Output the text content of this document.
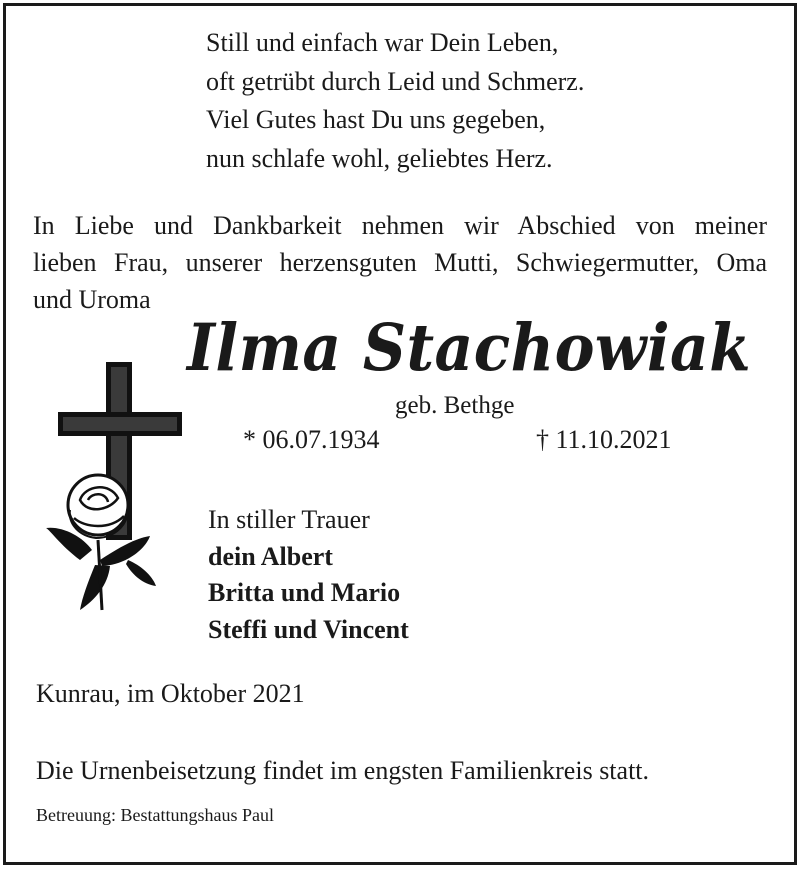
Still und einfach war Dein Leben,
oft getrübt durch Leid und Schmerz.
Viel Gutes hast Du uns gegeben,
nun schlafe wohl, geliebtes Herz.
In Liebe und Dankbarkeit nehmen wir Abschied von meiner
lieben Frau, unserer herzensguten Mutti, Schwiegermutter, Oma
und Uroma
Ilma Stachowiak
geb. Bethge
* 06.07.1934	† 11.10.2021
In stiller Trauer
dein Albert
Britta und Mario
Steffi und Vincent
Kunrau, im Oktober 2021
Die Urnenbeisetzung findet im engsten Familienkreis statt.
Betreuung: Bestattungshaus Paul
